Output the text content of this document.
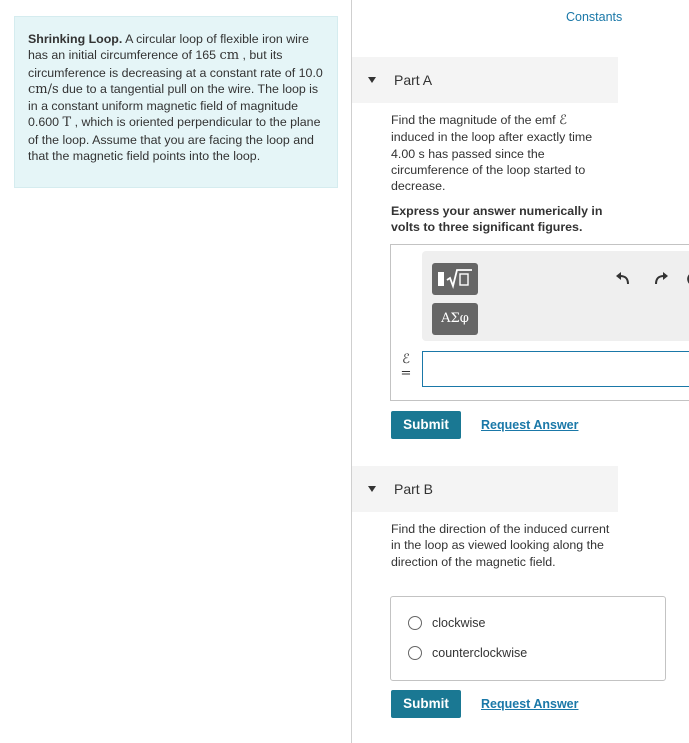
Shrinking Loop. A circular loop of flexible iron wire has an initial circumference of 165 cm , but its circumference is decreasing at a constant rate of 10.0 cm/s due to a tangential pull on the wire. The loop is in a constant uniform magnetic field of magnitude 0.600 T , which is oriented perpendicular to the plane of the loop. Assume that you are facing the loop and that the magnetic field points into the loop.
Constants
Part A
Find the magnitude of the emf ℰ induced in the loop after exactly time 4.00 s has passed since the circumference of the loop started to decrease.
Express your answer numerically in volts to three significant figures.
ΑΣφ
ℰ
=
Submit	Request Answer
Part B
Find the direction of the induced current in the loop as viewed looking along the direction of the magnetic field.
clockwise
counterclockwise
Submit	Request Answer
